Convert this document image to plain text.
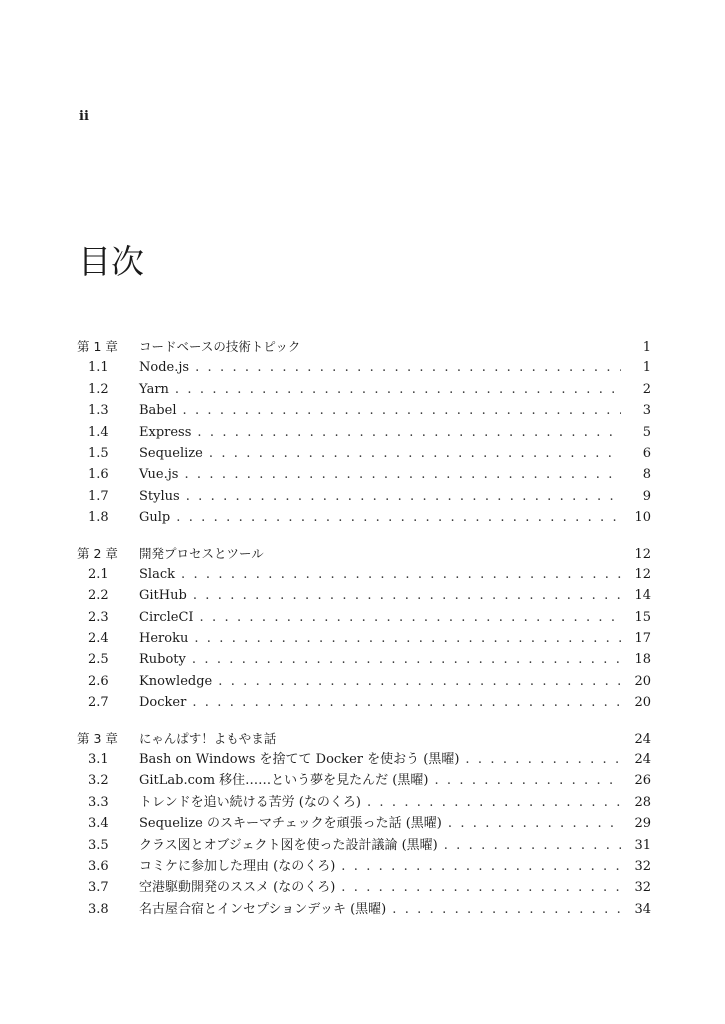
ii
目次
第 1 章	コードベースの技術トピック	1
1.1	Node.js . . .	1
1.2	Yarn . . .	2
1.3	Babel . . .	3
1.4	Express . . .	5
1.5	Sequelize . . .	6
1.6	Vue.js . . .	8
1.7	Stylus . . .	9
1.8	Gulp . . .	10
第 2 章	開発プロセスとツール	12
2.1	Slack . . .	12
2.2	GitHub . . .	14
2.3	CircleCI . . .	15
2.4	Heroku . . .	17
2.5	Ruboty . . .	18
2.6	Knowledge . . .	20
2.7	Docker . . .	20
第 3 章	にゃんぱす！よもやま話	24
3.1	Bash on Windows を捨てて Docker を使おう (黒曜) . . .	24
3.2	GitLab.com 移住……という夢を見たんだ (黒曜) . . .	26
3.3	トレンドを追い続ける苦労 (なのくろ) . . .	28
3.4	Sequelize のスキーマチェックを頑張った話 (黒曜) . . .	29
3.5	クラス図とオブジェクト図を使った設計議論 (黒曜) . . .	31
3.6	コミケに参加した理由 (なのくろ) . . .	32
3.7	空港駆動開発のススメ (なのくろ) . . .	32
3.8	名古屋合宿とインセプションデッキ (黒曜) . . .	34
